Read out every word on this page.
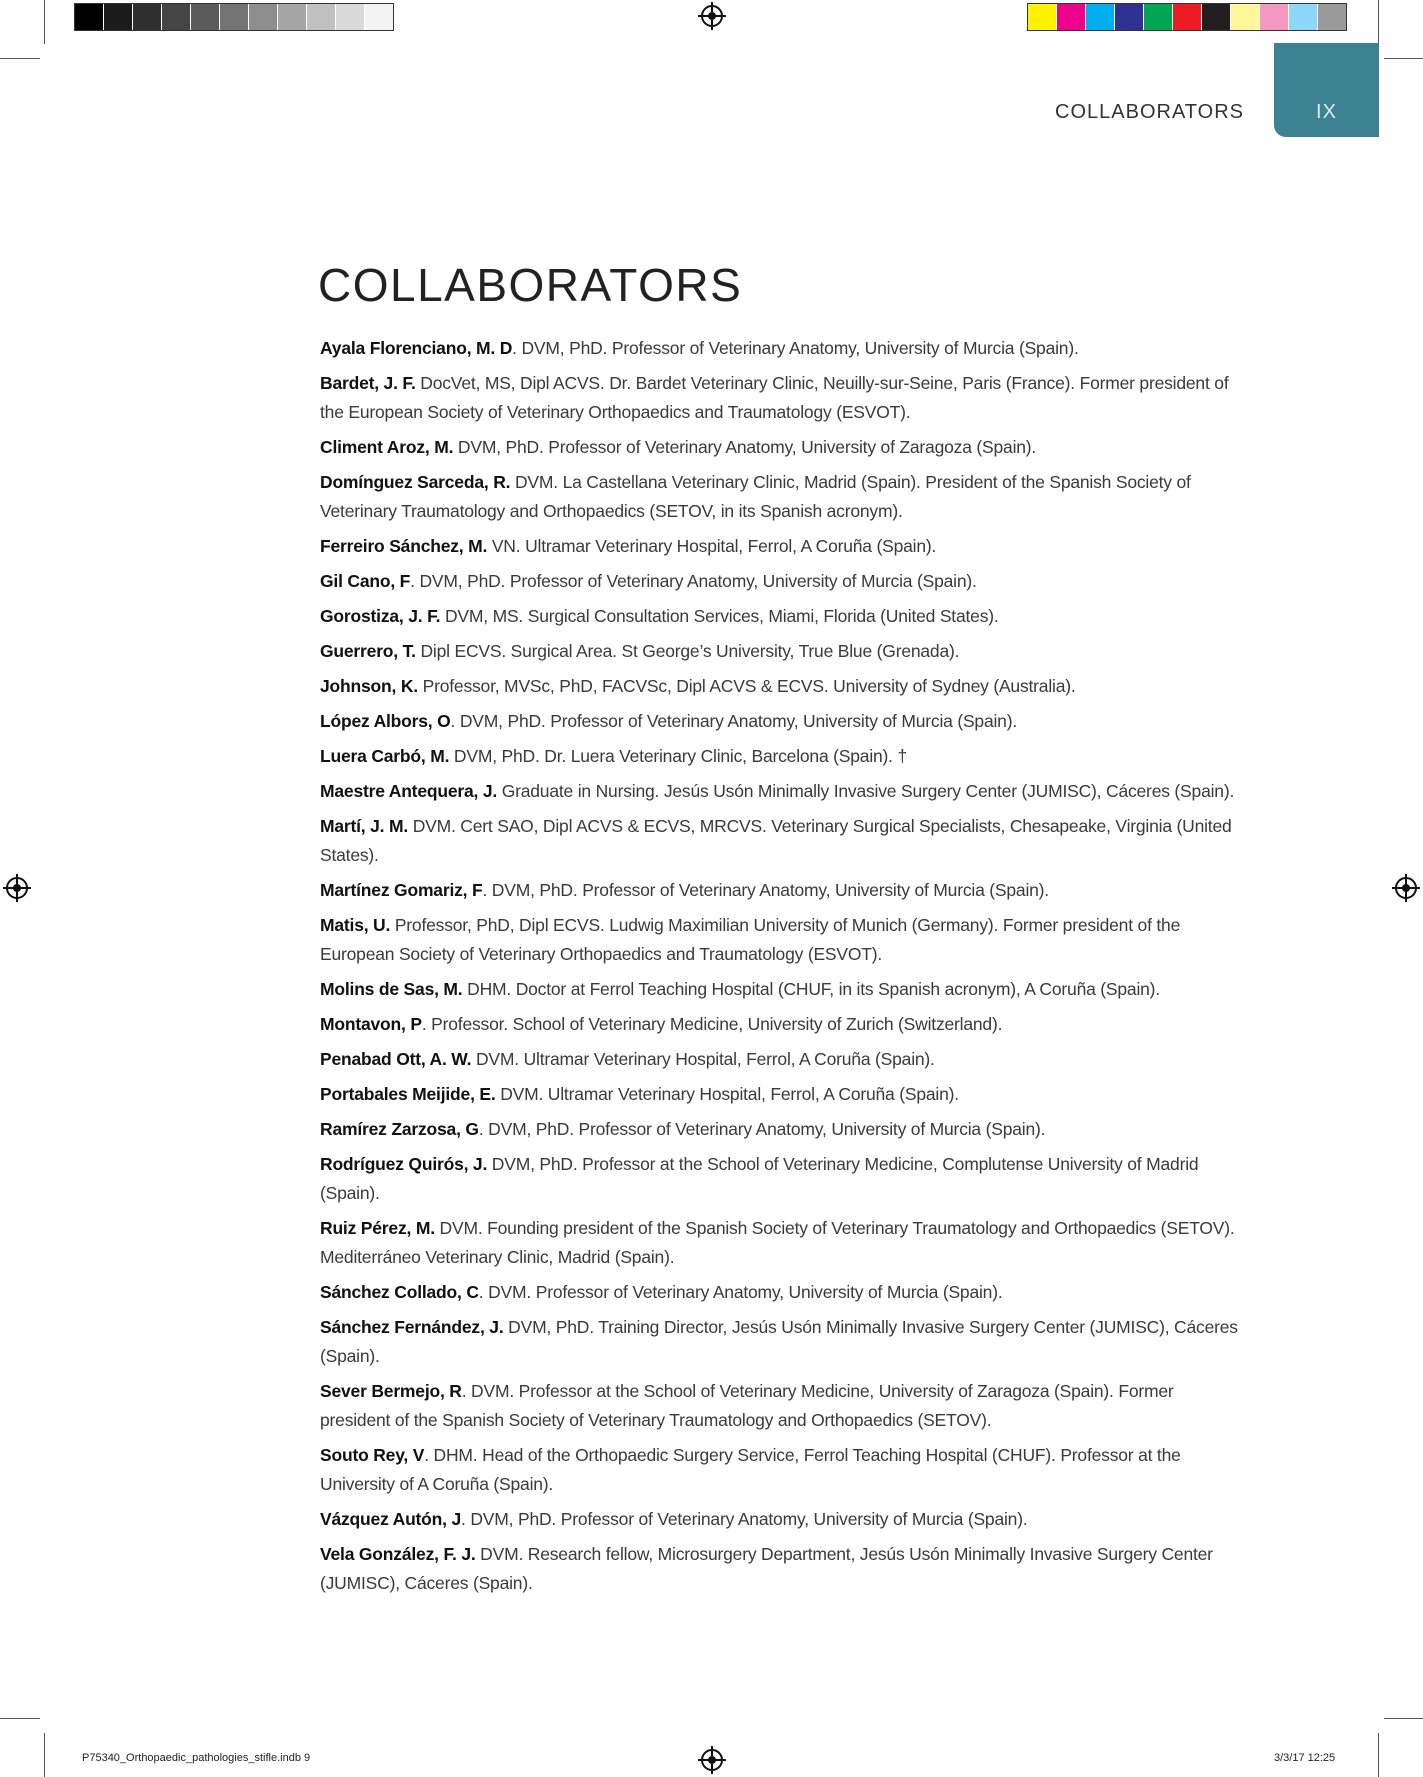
COLLABORATORS	IX
COLLABORATORS
Ayala Florenciano, M. D. DVM, PhD. Professor of Veterinary Anatomy, University of Murcia (Spain).
Bardet, J. F. DocVet, MS, Dipl ACVS. Dr. Bardet Veterinary Clinic, Neuilly-sur-Seine, Paris (France). Former president of the European Society of Veterinary Orthopaedics and Traumatology (ESVOT).
Climent Aroz, M. DVM, PhD. Professor of Veterinary Anatomy, University of Zaragoza (Spain).
Domínguez Sarceda, R. DVM. La Castellana Veterinary Clinic, Madrid (Spain). President of the Spanish Society of Veterinary Traumatology and Orthopaedics (SETOV, in its Spanish acronym).
Ferreiro Sánchez, M. VN. Ultramar Veterinary Hospital, Ferrol, A Coruña (Spain).
Gil Cano, F. DVM, PhD. Professor of Veterinary Anatomy, University of Murcia (Spain).
Gorostiza, J. F. DVM, MS. Surgical Consultation Services, Miami, Florida (United States).
Guerrero, T. Dipl ECVS. Surgical Area. St George’s University, True Blue (Grenada).
Johnson, K. Professor, MVSc, PhD, FACVSc, Dipl ACVS & ECVS. University of Sydney (Australia).
López Albors, O. DVM, PhD. Professor of Veterinary Anatomy, University of Murcia (Spain).
Luera Carbó, M. DVM, PhD. Dr. Luera Veterinary Clinic, Barcelona (Spain). †
Maestre Antequera, J. Graduate in Nursing. Jesús Usón Minimally Invasive Surgery Center (JUMISC), Cáceres (Spain).
Martí, J. M. DVM. Cert SAO, Dipl ACVS & ECVS, MRCVS. Veterinary Surgical Specialists, Chesapeake, Virginia (United States).
Martínez Gomariz, F. DVM, PhD. Professor of Veterinary Anatomy, University of Murcia (Spain).
Matis, U. Professor, PhD, Dipl ECVS. Ludwig Maximilian University of Munich (Germany). Former president of the European Society of Veterinary Orthopaedics and Traumatology (ESVOT).
Molins de Sas, M. DHM. Doctor at Ferrol Teaching Hospital (CHUF, in its Spanish acronym), A Coruña (Spain).
Montavon, P. Professor. School of Veterinary Medicine, University of Zurich (Switzerland).
Penabad Ott, A. W. DVM. Ultramar Veterinary Hospital, Ferrol, A Coruña (Spain).
Portabales Meijide, E. DVM. Ultramar Veterinary Hospital, Ferrol, A Coruña (Spain).
Ramírez Zarzosa, G. DVM, PhD. Professor of Veterinary Anatomy, University of Murcia (Spain).
Rodríguez Quirós, J. DVM, PhD. Professor at the School of Veterinary Medicine, Complutense University of Madrid (Spain).
Ruiz Pérez, M. DVM. Founding president of the Spanish Society of Veterinary Traumatology and Orthopaedics (SETOV). Mediterráneo Veterinary Clinic, Madrid (Spain).
Sánchez Collado, C. DVM. Professor of Veterinary Anatomy, University of Murcia (Spain).
Sánchez Fernández, J. DVM, PhD. Training Director, Jesús Usón Minimally Invasive Surgery Center (JUMISC), Cáceres (Spain).
Sever Bermejo, R. DVM. Professor at the School of Veterinary Medicine, University of Zaragoza (Spain). Former president of the Spanish Society of Veterinary Traumatology and Orthopaedics (SETOV).
Souto Rey, V. DHM. Head of the Orthopaedic Surgery Service, Ferrol Teaching Hospital (CHUF). Professor at the University of A Coruña (Spain).
Vázquez Autón, J. DVM, PhD. Professor of Veterinary Anatomy, University of Murcia (Spain).
Vela González, F. J. DVM. Research fellow, Microsurgery Department, Jesús Usón Minimally Invasive Surgery Center (JUMISC), Cáceres (Spain).
P75340_Orthopaedic_pathologies_stifle.indb 9	3/3/17 12:25
